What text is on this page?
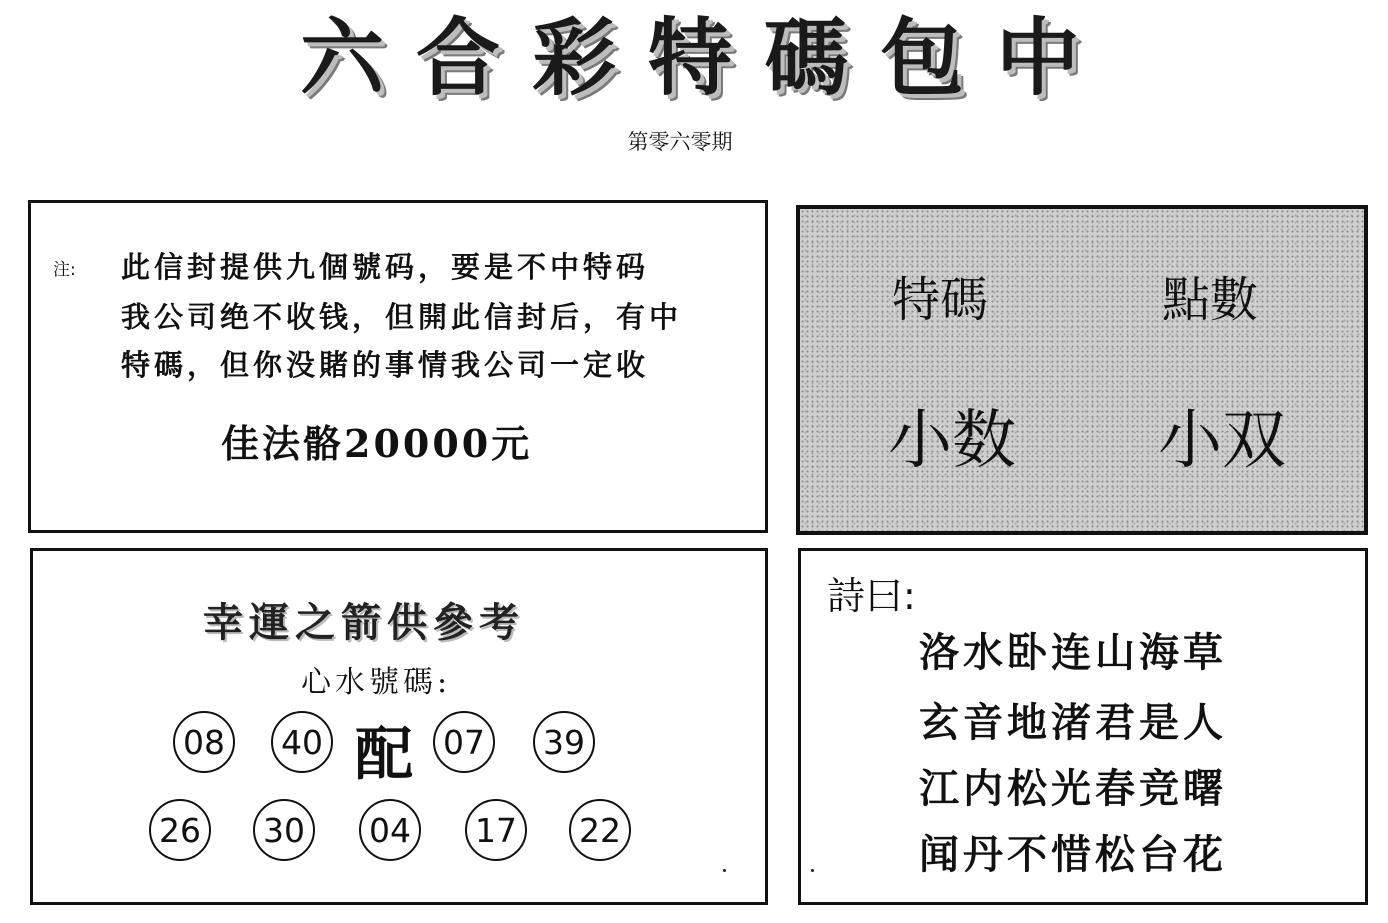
六 合 彩 特 碼 包 中
第零六零期
注: 此信封提供九個號码，要是不中特码
我公司绝不收钱，但開此信封后，有中
特碼，但你没賭的事情我公司一定收
佳法骼20000元
特碼	點數
小数 小双
幸運之箭供參考
心水號碼:
08	40 配 07	39
26	30	04	17	22
詩曰:
洛水卧连山海草
玄音地渚君是人
江内松光春竞曙
闻丹不惜松台花
